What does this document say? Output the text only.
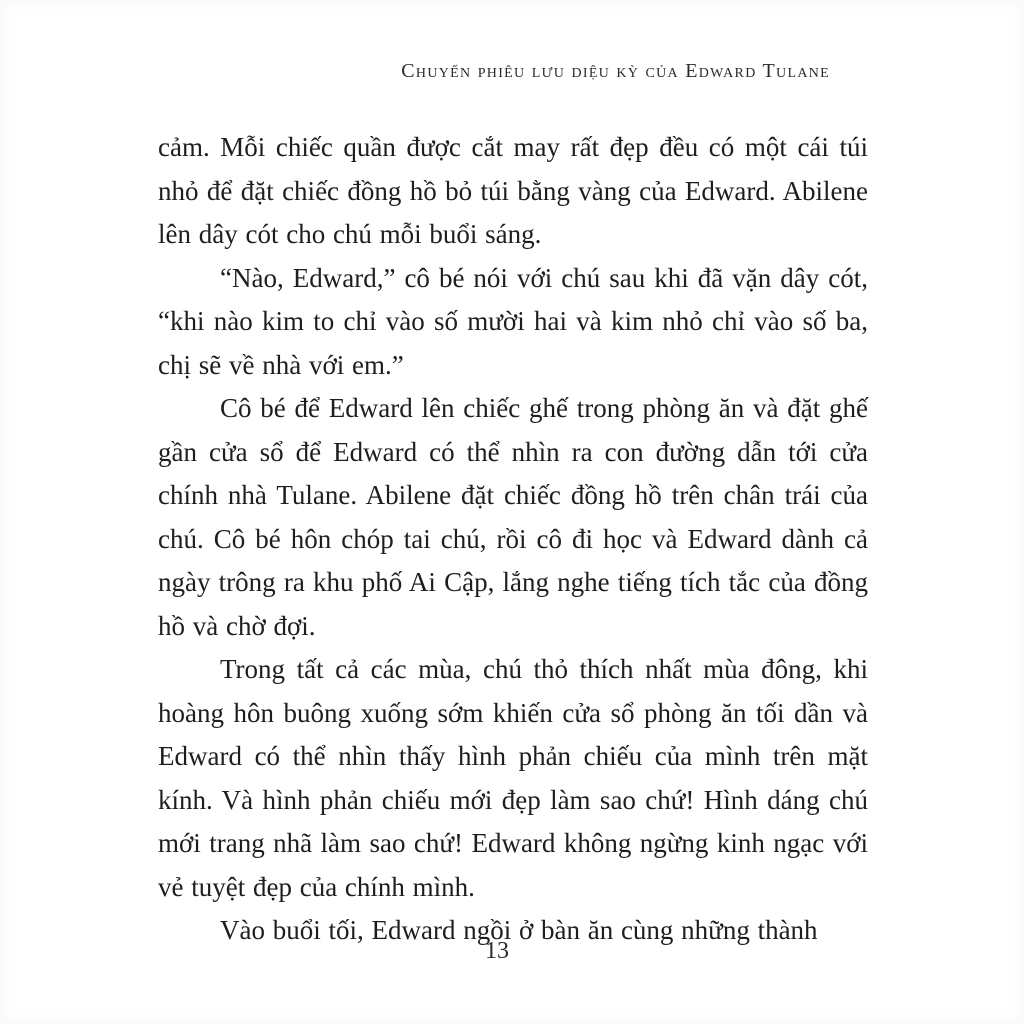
Chuyến phiêu lưu diệu kỳ của Edward Tulane

cảm. Mỗi chiếc quần được cắt may rất đẹp đều có một cái túi nhỏ để đặt chiếc đồng hồ bỏ túi bằng vàng của Edward. Abilene lên dây cót cho chú mỗi buổi sáng.

“Nào, Edward,” cô bé nói với chú sau khi đã vặn dây cót, “khi nào kim to chỉ vào số mười hai và kim nhỏ chỉ vào số ba, chị sẽ về nhà với em.”

Cô bé để Edward lên chiếc ghế trong phòng ăn và đặt ghế gần cửa sổ để Edward có thể nhìn ra con đường dẫn tới cửa chính nhà Tulane. Abilene đặt chiếc đồng hồ trên chân trái của chú. Cô bé hôn chóp tai chú, rồi cô đi học và Edward dành cả ngày trông ra khu phố Ai Cập, lắng nghe tiếng tích tắc của đồng hồ và chờ đợi.

Trong tất cả các mùa, chú thỏ thích nhất mùa đông, khi hoàng hôn buông xuống sớm khiến cửa sổ phòng ăn tối dần và Edward có thể nhìn thấy hình phản chiếu của mình trên mặt kính. Và hình phản chiếu mới đẹp làm sao chứ! Hình dáng chú mới trang nhã làm sao chứ! Edward không ngừng kinh ngạc với vẻ tuyệt đẹp của chính mình.

Vào buổi tối, Edward ngồi ở bàn ăn cùng những thành

13
